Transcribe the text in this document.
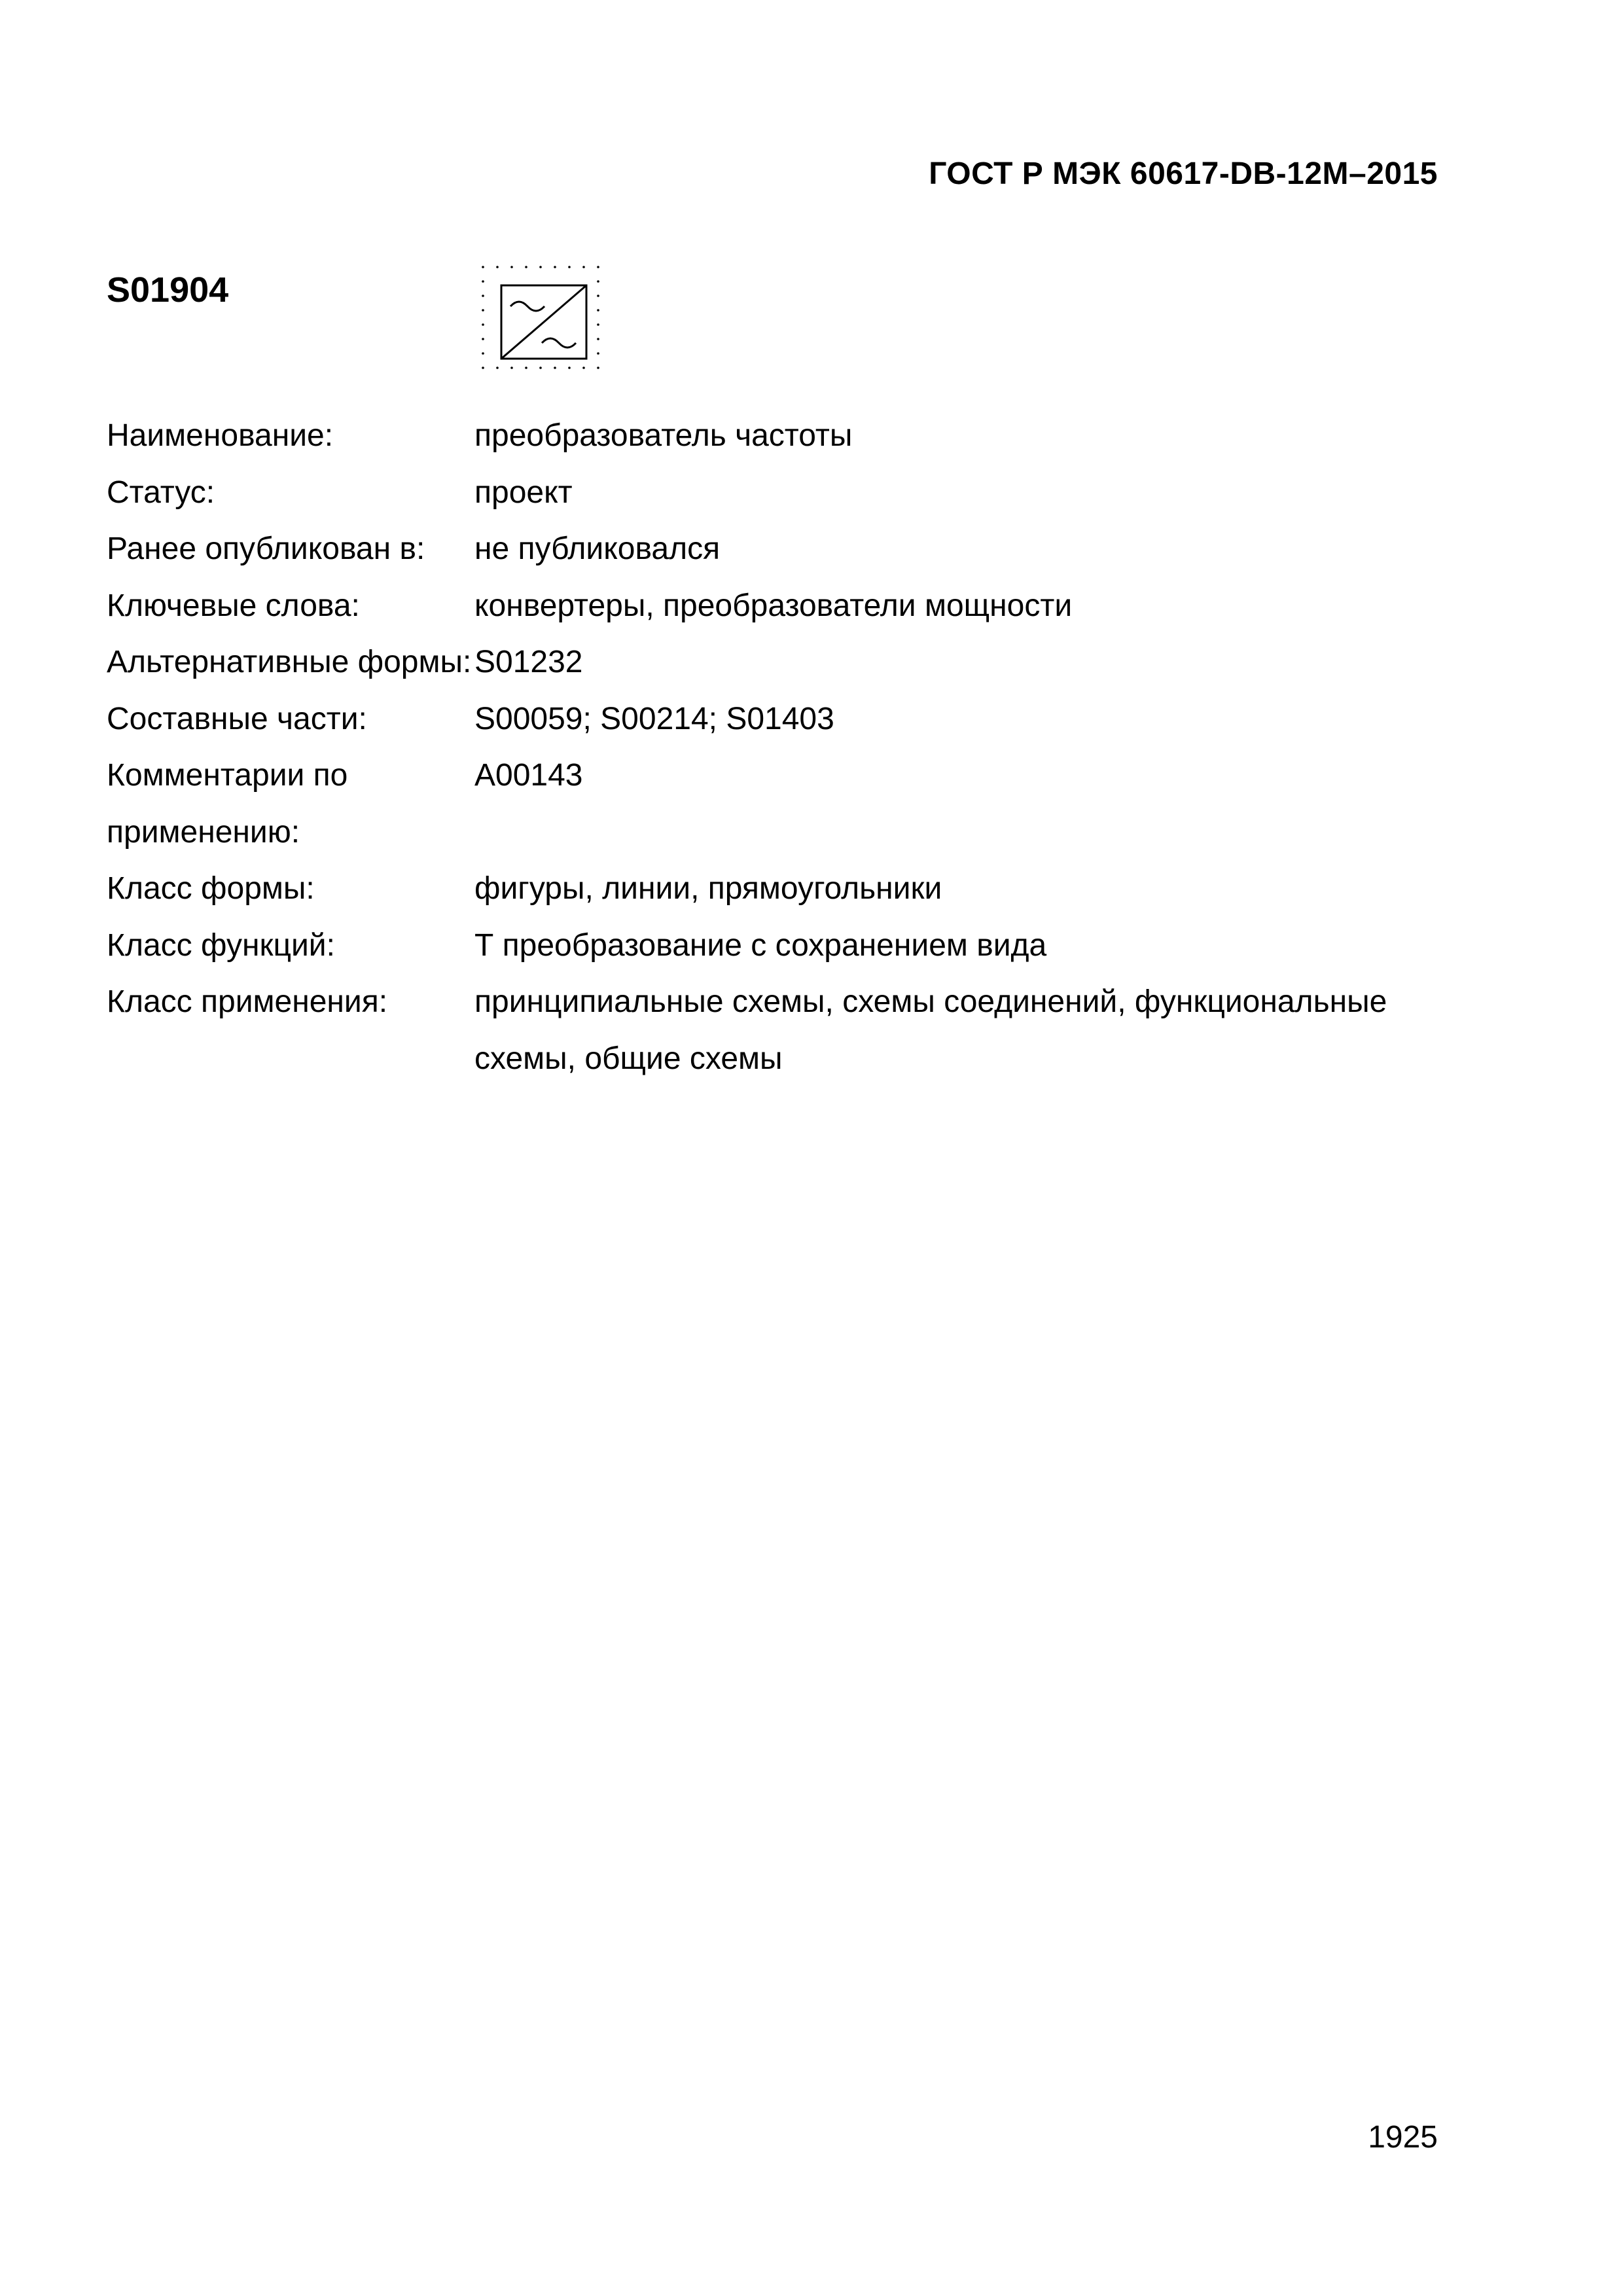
ГОСТ Р МЭК 60617-DB-12M–2015
S01904
Наименование:	преобразователь частоты
Статус:	проект
Ранее опубликован в:	не публиковался
Ключевые слова:	конвертеры, преобразователи мощности
Альтернативные формы: S01232
Составные части:	S00059; S00214; S01403
Комментарии по применению:
A00143
Класс формы:	фигуры, линии, прямоугольники
Класс функций:	Т преобразование с сохранением вида
Класс применения:	принципиальные схемы, схемы соединений, функциональные схемы, общие схемы
1925
